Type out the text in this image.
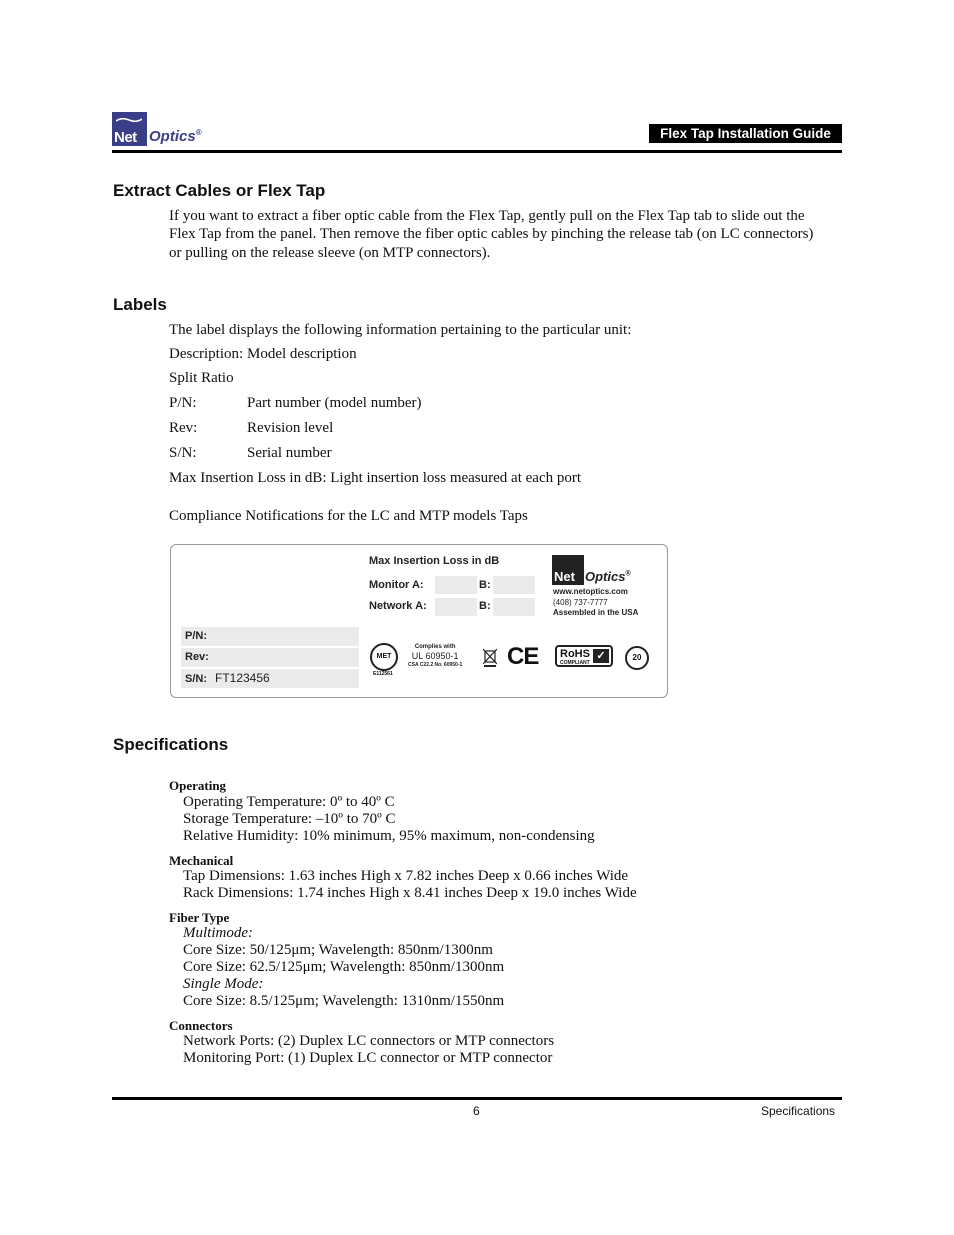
Net Optics®	Flex Tap Installation Guide
Extract Cables or Flex Tap
If you want to extract a fiber optic cable from the Flex Tap, gently pull on the Flex Tap tab to slide out the
Flex Tap from the panel. Then remove the fiber optic cables by pinching the release tab (on LC connectors)
or pulling on the release sleeve (on MTP connectors).
Labels
The label displays the following information pertaining to the particular unit:
Description: Model description
Split Ratio
P/N:	Part number (model number)
Rev:	Revision level
S/N:	Serial number
Max Insertion Loss in dB: Light insertion loss measured at each port
Compliance Notifications for the LC and MTP models Taps
P/N:
Rev:
S/N: FT123456
Max Insertion Loss in dB
Monitor A:	B:
Network A:	B:
Net Optics®
www.netoptics.com
(408) 737-7777
Assembled in the USA
MET
E112561
Complies with
UL 60950-1
CSA C22.2 No. 60950-1 CE	RoHS
COMPLIANT
✓	20
Specifications
Operating
Operating Temperature: 0º to 40º C
Storage Temperature: –10º to 70º C
Relative Humidity: 10% minimum, 95% maximum, non-condensing
Mechanical
Tap Dimensions: 1.63 inches High x 7.82 inches Deep x 0.66 inches Wide
Rack Dimensions: 1.74 inches High x 8.41 inches Deep x 19.0 inches Wide
Fiber Type
Multimode:
Core Size: 50/125μm; Wavelength: 850nm/1300nm
Core Size: 62.5/125μm; Wavelength: 850nm/1300nm
Single Mode:
Core Size: 8.5/125μm; Wavelength: 1310nm/1550nm
Connectors
Network Ports: (2) Duplex LC connectors or MTP connectors
Monitoring Port: (1) Duplex LC connector or MTP connector
6	Specifications
